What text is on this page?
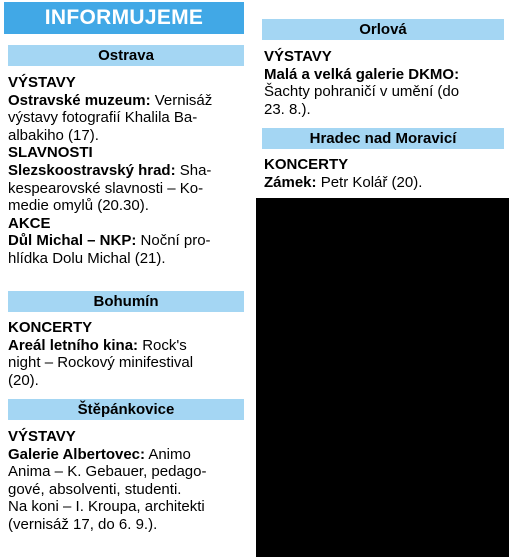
INFORMUJEME
Ostrava

VÝSTAVY

Ostravské muzeum: Vernisáž

výstavy fotografií Khalila Ba-

albakiho (17).

SLAVNOSTI

Slezskoostravský hrad: Sha-

kespearovské slavnosti – Ko-

medie omylů (20.30).

AKCE

Důl Michal – NKP: Noční pro-

hlídka Dolu Michal (21).

Bohumín

KONCERTY

Areál letního kina: Rock's

night – Rockový minifestival

(20).

Štěpánkovice

VÝSTAVY

Galerie Albertovec: Animo

Anima – K. Gebauer, pedago-

gové, absolventi, studenti.

Na koni – I. Kroupa, architekti

(vernisáž 17, do 6. 9.).

Orlová

VÝSTAVY

Malá a velká galerie DKMO:

Šachty pohraničí v umění (do

23. 8.).

Hradec nad Moravicí

KONCERTY

Zámek: Petr Kolář (20).
